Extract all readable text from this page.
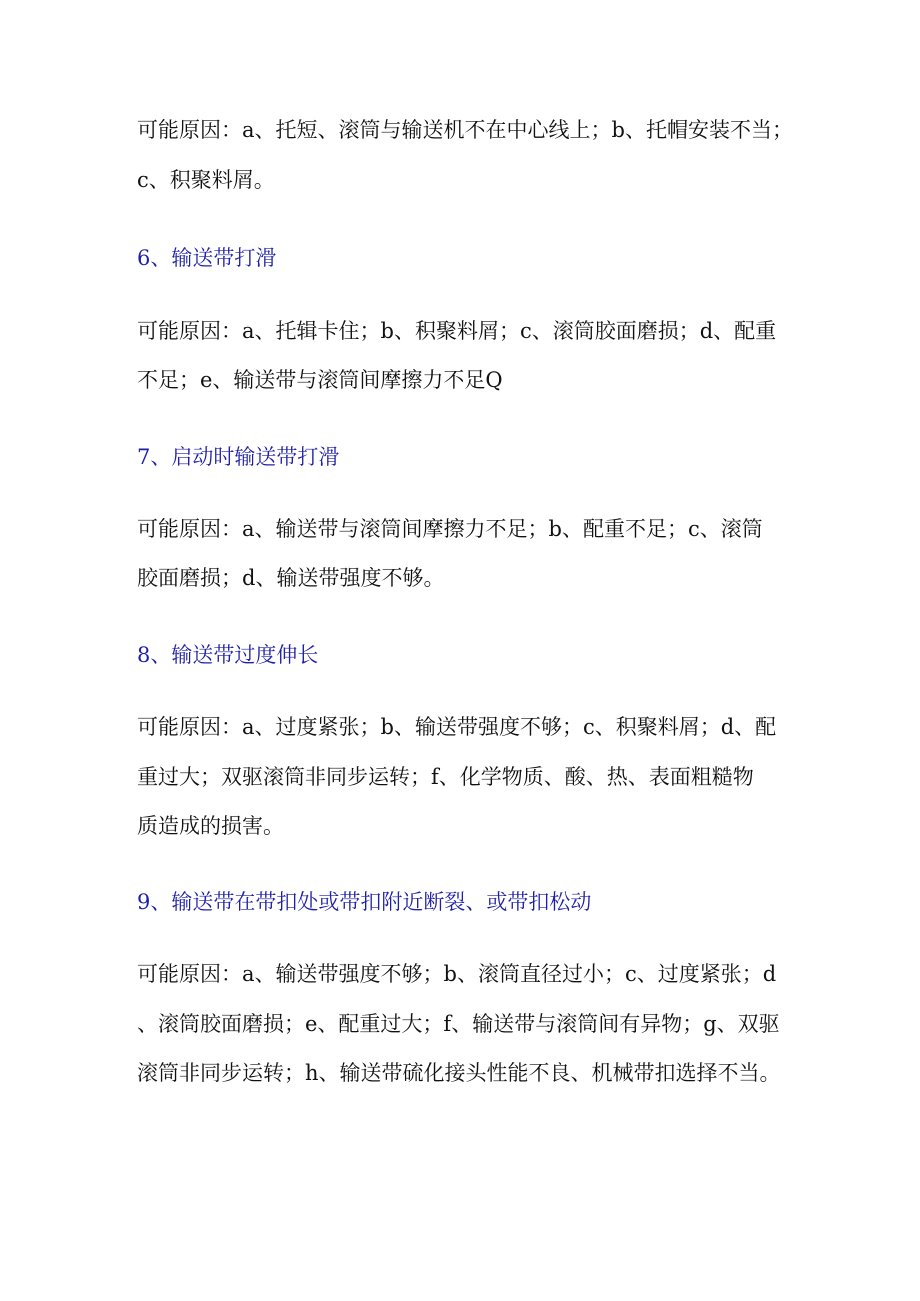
可能原因：a、托短、滚筒与输送机不在中心线上；b、托帽安装不当；
c、积聚料屑。
6、输送带打滑
可能原因：a、托辑卡住；b、积聚料屑；c、滚筒胶面磨损；d、配重
不足；e、输送带与滚筒间摩擦力不足Q
7、启动时输送带打滑
可能原因：a、输送带与滚筒间摩擦力不足；b、配重不足；c、滚筒
胶面磨损；d、输送带强度不够。
8、输送带过度伸长
可能原因：a、过度紧张；b、输送带强度不够；c、积聚料屑；d、配
重过大；双驱滚筒非同步运转；f、化学物质、酸、热、表面粗糙物
质造成的损害。
9、输送带在带扣处或带扣附近断裂、或带扣松动
可能原因：a、输送带强度不够；b、滚筒直径过小；c、过度紧张；d
、滚筒胶面磨损；e、配重过大；f、输送带与滚筒间有异物；g、双驱
滚筒非同步运转；h、输送带硫化接头性能不良、机械带扣选择不当。
